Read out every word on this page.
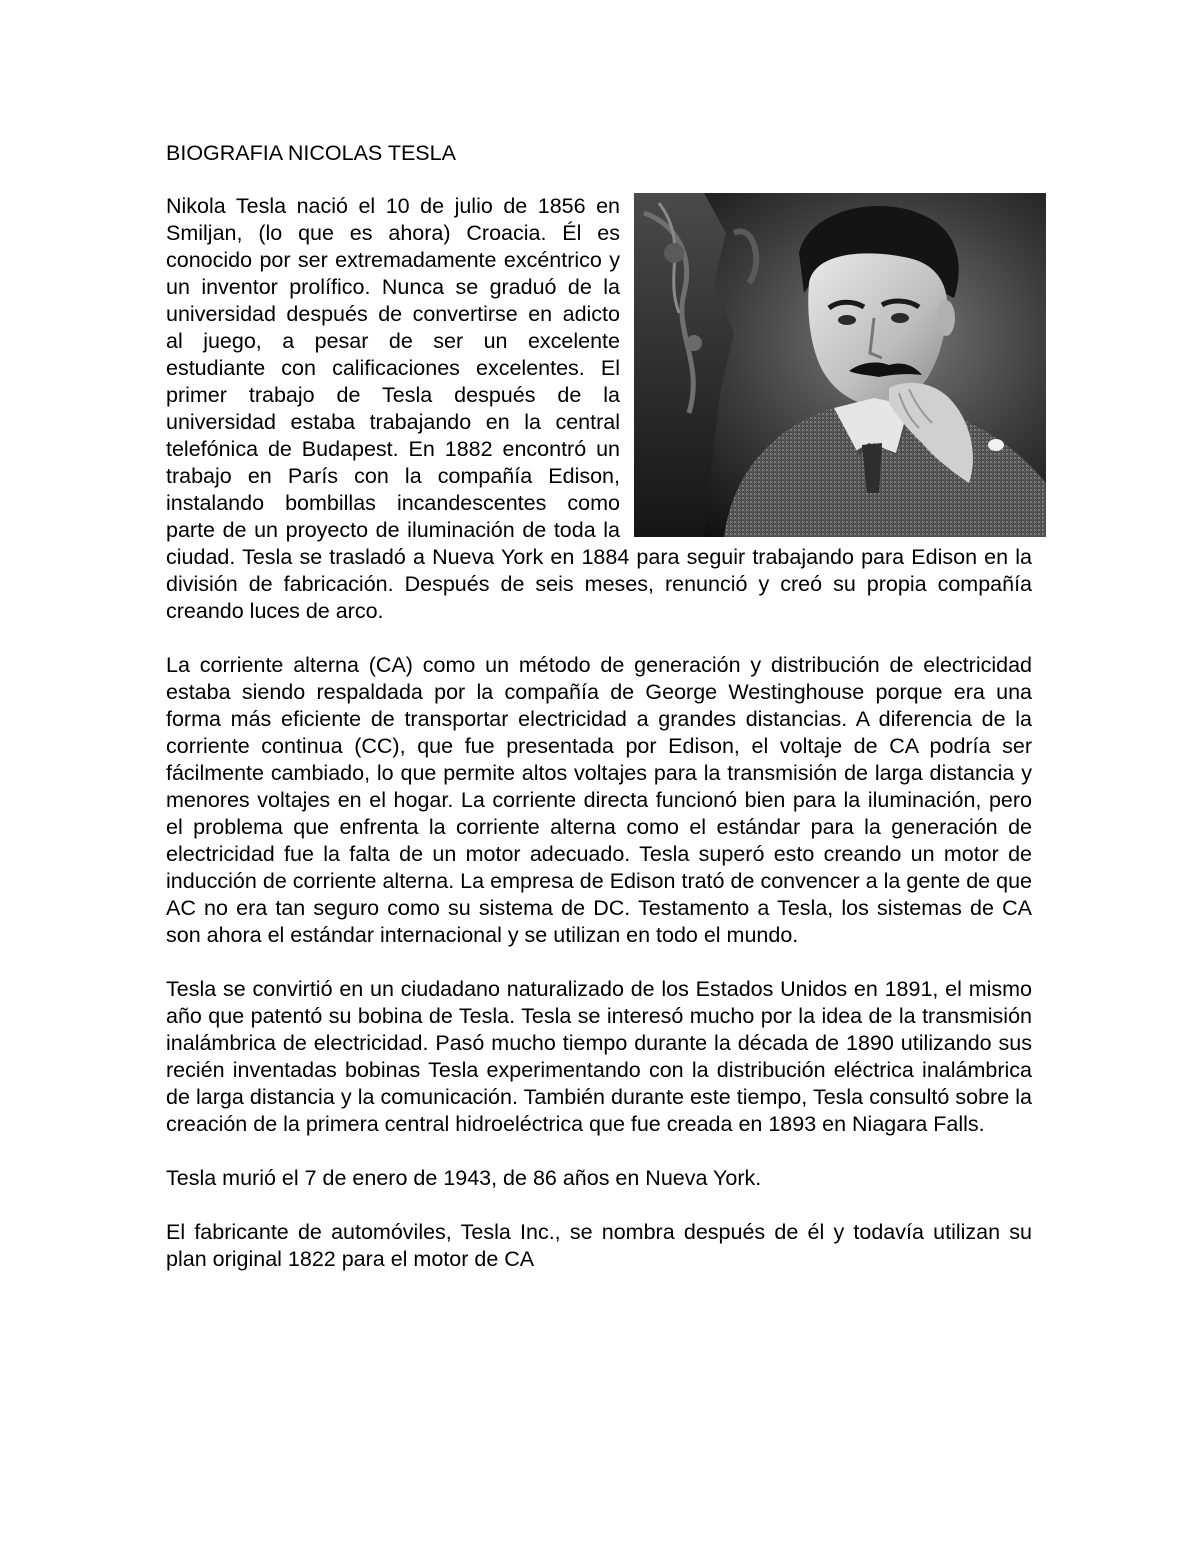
BIOGRAFIA NICOLAS TESLA

Nikola Tesla nació el 10 de julio de 1856 en Smiljan, (lo que es ahora) Croacia. Él es conocido por ser extremadamente excéntrico y un inventor prolífico. Nunca se graduó de la universidad después de convertirse en adicto al juego, a pesar de ser un excelente estudiante con calificaciones excelentes. El primer trabajo de Tesla después de la universidad estaba trabajando en la central telefónica de Budapest. En 1882 encontró un trabajo en París con la compañía Edison, instalando bombillas incandescentes como parte de un proyecto de iluminación de toda la ciudad. Tesla se trasladó a Nueva York en 1884 para seguir trabajando para Edison en la división de fabricación. Después de seis meses, renunció y creó su propia compañía creando luces de arco.

La corriente alterna (CA) como un método de generación y distribución de electricidad estaba siendo respaldada por la compañía de George Westinghouse porque era una forma más eficiente de transportar electricidad a grandes distancias. A diferencia de la corriente continua (CC), que fue presentada por Edison, el voltaje de CA podría ser fácilmente cambiado, lo que permite altos voltajes para la transmisión de larga distancia y menores voltajes en el hogar. La corriente directa funcionó bien para la iluminación, pero el problema que enfrenta la corriente alterna como el estándar para la generación de electricidad fue la falta de un motor adecuado. Tesla superó esto creando un motor de inducción de corriente alterna. La empresa de Edison trató de convencer a la gente de que AC no era tan seguro como su sistema de DC. Testamento a Tesla, los sistemas de CA son ahora el estándar internacional y se utilizan en todo el mundo.

Tesla se convirtió en un ciudadano naturalizado de los Estados Unidos en 1891, el mismo año que patentó su bobina de Tesla. Tesla se interesó mucho por la idea de la transmisión inalámbrica de electricidad. Pasó mucho tiempo durante la década de 1890 utilizando sus recién inventadas bobinas Tesla experimentando con la distribución eléctrica inalámbrica de larga distancia y la comunicación. También durante este tiempo, Tesla consultó sobre la creación de la primera central hidroeléctrica que fue creada en 1893 en Niagara Falls.

Tesla murió el 7 de enero de 1943, de 86 años en Nueva York.

El fabricante de automóviles, Tesla Inc., se nombra después de él y todavía utilizan su plan original 1822 para el motor de CA
